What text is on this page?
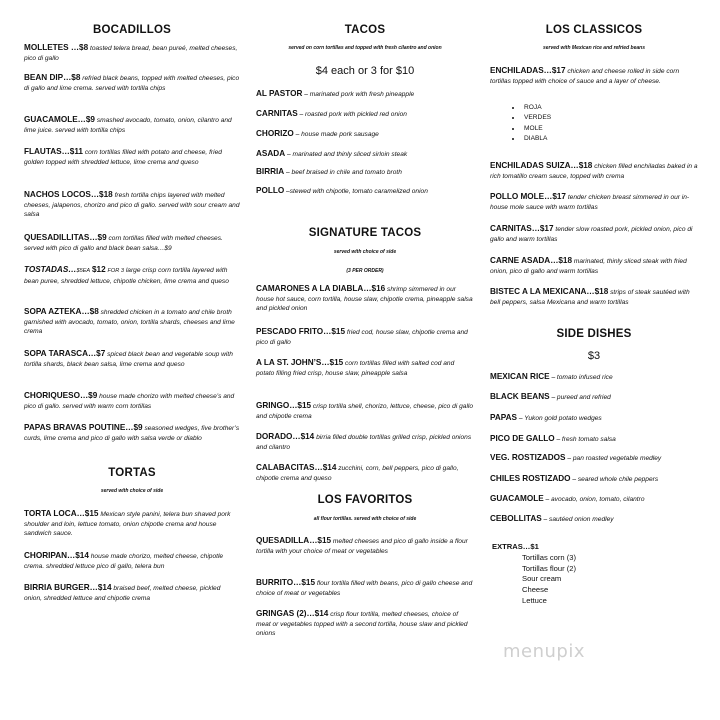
BOCADILLOS
MOLLETES …$8 toasted telera bread, bean pureé, melted cheeses, pico di gallo
BEAN DIP…$8 refried black beans, topped with melted cheeses, pico di gallo and lime crema. served with tortilla chips
GUACAMOLE…$9 smashed avocado, tomato, onion, cilantro and lime juice. served with tortilla chips
FLAUTAS…$11 corn tortillas filled with potato and cheese, fried golden topped with shredded lettuce, lime crema and queso
NACHOS LOCOS…$18 fresh tortilla chips layered with melted cheeses, jalapenos, chorizo and pico di gallo. served with sour cream and salsa
QUESADILLITAS…$9 corn tortillas filled with melted cheeses. served with pico di gallo and black bean salsa…$9
TOSTADAS…$5EA $12 FOR 3 large crisp corn tortilla layered with bean puree, shredded lettuce, chipotle chicken, lime crema and queso
SOPA AZTEKA…$8 shredded chicken in a tomato and chile broth garnished with avocado, tomato, onion, tortilla shards, cheeses and lime crema
SOPA TARASCA…$7 spiced black bean and vegetable soup with tortilla shards, black bean salsa, lime crema and queso
CHORIQUESO…$9 house made chorizo with melted cheese’s and pico di gallo. served with warm corn tortillas
PAPAS BRAVAS POUTINE…$9 seasoned wedges, five brother’s curds, lime crema and pico di gallo with salsa verde or diablo
TORTAS
served with choice of side
TORTA LOCA…$15 Mexican style panini, telera bun shaved pork shoulder and loin, lettuce tomato, onion chipotle crema and house sandwich sauce.
CHORIPAN…$14 house made chorizo, melted cheese, chipotle crema. shredded lettuce pico di gallo, telera bun
BIRRIA BURGER…$14 braised beef, melted cheese, pickled onion, shredded lettuce and chipotle crema
TACOS
served on corn tortillas and topped with fresh cilantro and onion
$4 each or 3 for $10
AL PASTOR – marinated pork with fresh pineapple
CARNITAS – roasted pork with pickled red onion
CHORIZO – house made pork sausage
ASADA – marinated and thinly sliced sirloin steak
BIRRIA – beef braised in chile and tomato broth
POLLO –stewed with chipotle, tomato caramelized onion
SIGNATURE TACOS
served with choice of side
(3 PER ORDER)
CAMARONES A LA DIABLA…$16 shrimp simmered in our house hot sauce, corn tortilla, house slaw, chipotle crema, pineapple salsa and pickled onion
PESCADO FRITO…$15 fried cod, house slaw, chipotle crema and pico di gallo
A LA ST. JOHN’S…$15 corn tortillas filled with salted cod and potato filling fried crisp, house slaw, pineapple salsa
GRINGO…$15 crisp tortilla shell, chorizo, lettuce, cheese, pico di gallo and chipotle crema
DORADO…$14 birria filled double tortillas grilled crisp, pickled onions and cilantro
CALABACITAS…$14 zucchini, corn, bell peppers, pico di gallo, chipotle crema and queso
LOS FAVORITOS
all flour tortillas. served with choice of side
QUESADILLA…$15 melted cheeses and pico di gallo inside a flour tortilla with your choice of meat or vegetables
BURRITO…$15 flour tortilla filled with beans, pico di gallo cheese and choice of meat or vegetables
GRINGAS (2)…$14 crisp flour tortilla, melted cheeses, choice of meat or vegetables topped with a second tortilla, house slaw and pickled onions
LOS CLASSICOS
served with Mexican rice and refried beans
ENCHILADAS…$17 chicken and cheese rolled in side corn tortillas topped with choice of sauce and a layer of cheese.
• ROJA
• VERDES
• MOLE
• DIABLA
ENCHILADAS SUIZA…$18 chicken filled enchiladas baked in a rich tomatillo cream sauce, topped with crema
POLLO MOLE…$17 tender chicken breast simmered in our in-house mole sauce with warm tortillas
CARNITAS…$17 tender slow roasted pork, pickled onion, pico di gallo and warm tortillas
CARNE ASADA…$18 marinated, thinly sliced steak with fried onion, pico di gallo and warm tortillas
BISTEC A LA MEXICANA…$18 strips of steak sautéed with bell peppers, salsa Mexicana and warm tortillas
SIDE DISHES
$3
MEXICAN RICE – tomato infused rice
BLACK BEANS – pureed and refried
PAPAS – Yukon gold potato wedges
PICO DE GALLO – fresh tomato salsa
VEG. ROSTIZADOS – pan roasted vegetable medley
CHILES ROSTIZADO – seared whole chile peppers
GUACAMOLE – avocado, onion, tomato, cilantro
CEBOLLITAS – sautéed onion medley
EXTRAS…$1
Tortillas corn (3)
Tortillas flour (2)
Sour cream
Cheese
Lettuce
menupix
